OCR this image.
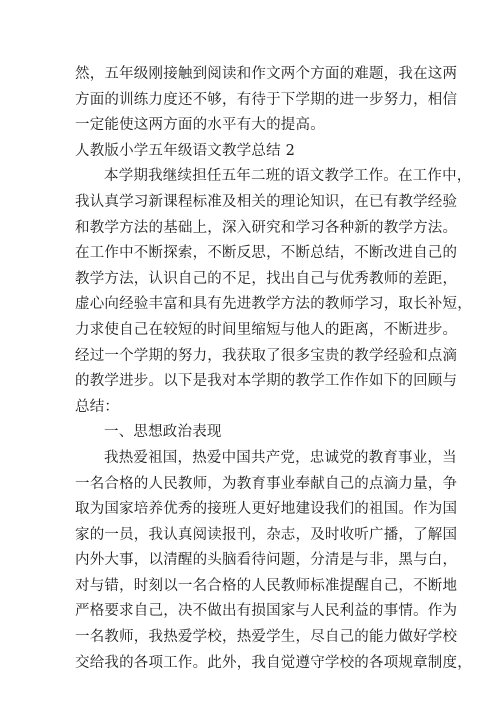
然，五年级刚接触到阅读和作文两个方面的难题，我在这两
方面的训练力度还不够，有待于下学期的进一步努力，相信
一定能使这两方面的水平有大的提高。
人教版小学五年级语文教学总结 2
本学期我继续担任五年二班的语文教学工作。在工作中，
我认真学习新课程标准及相关的理论知识，在已有教学经验
和教学方法的基础上，深入研究和学习各种新的教学方法。
在工作中不断探索，不断反思，不断总结，不断改进自己的
教学方法，认识自己的不足，找出自己与优秀教师的差距，
虚心向经验丰富和具有先进教学方法的教师学习，取长补短，
力求使自己在较短的时间里缩短与他人的距离，不断进步。
经过一个学期的努力，我获取了很多宝贵的教学经验和点滴
的教学进步。以下是我对本学期的教学工作作如下的回顾与
总结：
一、思想政治表现
我热爱祖国，热爱中国共产党，忠诚党的教育事业，当
一名合格的人民教师，为教育事业奉献自己的点滴力量，争
取为国家培养优秀的接班人更好地建设我们的祖国。作为国
家的一员，我认真阅读报刊，杂志，及时收听广播，了解国
内外大事，以清醒的头脑看待问题，分清是与非，黑与白，
对与错，时刻以一名合格的人民教师标准提醒自己，不断地
严格要求自己，决不做出有损国家与人民利益的事情。作为
一名教师，我热爱学校，热爱学生，尽自己的能力做好学校
交给我的各项工作。此外，我自觉遵守学校的各项规章制度，
